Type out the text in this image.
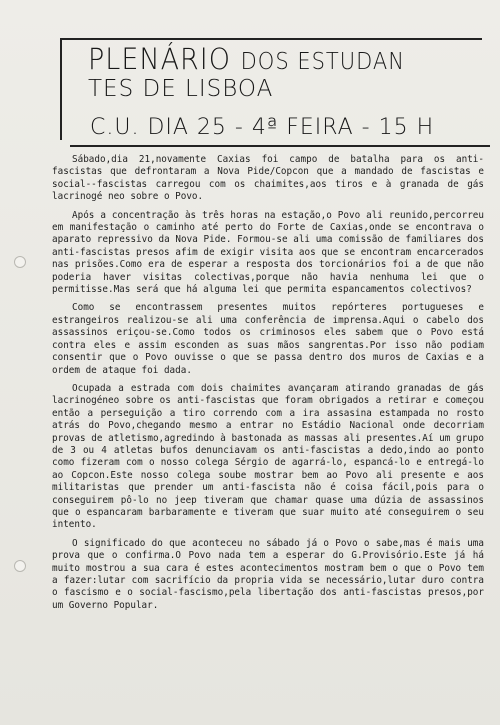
PLENÁRIO DOS ESTUDAN
TES DE LISBOA
C.U. DIA 25 - 4ª FEIRA - 15 H

Sábado,dia 21,novamente Caxias foi campo de batalha para os anti-fascistas que defrontaram a Nova Pide/Copcon que a mandado de fascistas e social--fascistas carregou com os chaimites,aos tiros e à granada de gás lacrinogé neo sobre o Povo.

Após a concentração às três horas na estação,o Povo ali reunido,percorreu em manifestação o caminho até perto do Forte de Caxias,onde se encontrava o aparato repressivo da Nova Pide. Formou-se ali uma comissão de familiares dos anti-fascistas presos afim de exigir visita aos que se encontram encarcerados nas prisões.Como era de esperar a resposta dos torcionários foi a de que não poderia haver visitas colectivas,porque não havia nenhuma lei que o permitisse.Mas será que há alguma lei que permita espancamentos colectivos?

Como se encontrassem presentes muitos repórteres portugueses e estrangeiros realizou-se ali uma conferência de imprensa.Aqui o cabelo dos assassinos eriçou-se.Como todos os criminosos eles sabem que o Povo está contra eles e assim esconden as suas mãos sangrentas.Por isso não podiam consentir que o Povo ouvisse o que se passa dentro dos muros de Caxias e a ordem de ataque foi dada.

Ocupada a estrada com dois chaimites avançaram atirando granadas de gás lacrinogéneo sobre os anti-fascistas que foram obrigados a retirar e começou então a perseguição a tiro correndo com a ira assasina estampada no rosto atrás do Povo,chegando mesmo a entrar no Estádio Nacional onde decorriam provas de atletismo,agredindo à bastonada as massas ali presentes.Aí um grupo de 3 ou 4 atletas bufos denunciavam os anti-fascistas a dedo,indo ao ponto como fizeram com o nosso colega Sérgio de agarrá-lo, espancá-lo e entregá-lo ao Copcon.Este nosso colega soube mostrar bem ao Povo ali presente e aos militaristas que prender um anti-fascista não é coisa fácil,pois para o conseguirem pô-lo no jeep tiveram que chamar quase uma dúzia de assassinos que o espancaram barbaramente e tiveram que suar muito até conseguirem o seu intento.

O significado do que aconteceu no sábado já o Povo o sabe,mas é mais uma prova que o confirma.O Povo nada tem a esperar do G.Provisório.Este já há muito mostrou a sua cara é estes acontecimentos mostram bem o que o Povo tem a fazer:lutar com sacrifício da propria vida se necessário,lutar duro contra o fascismo e o social-fascismo,pela libertação dos anti-fascistas presos,por um Governo Popular.
